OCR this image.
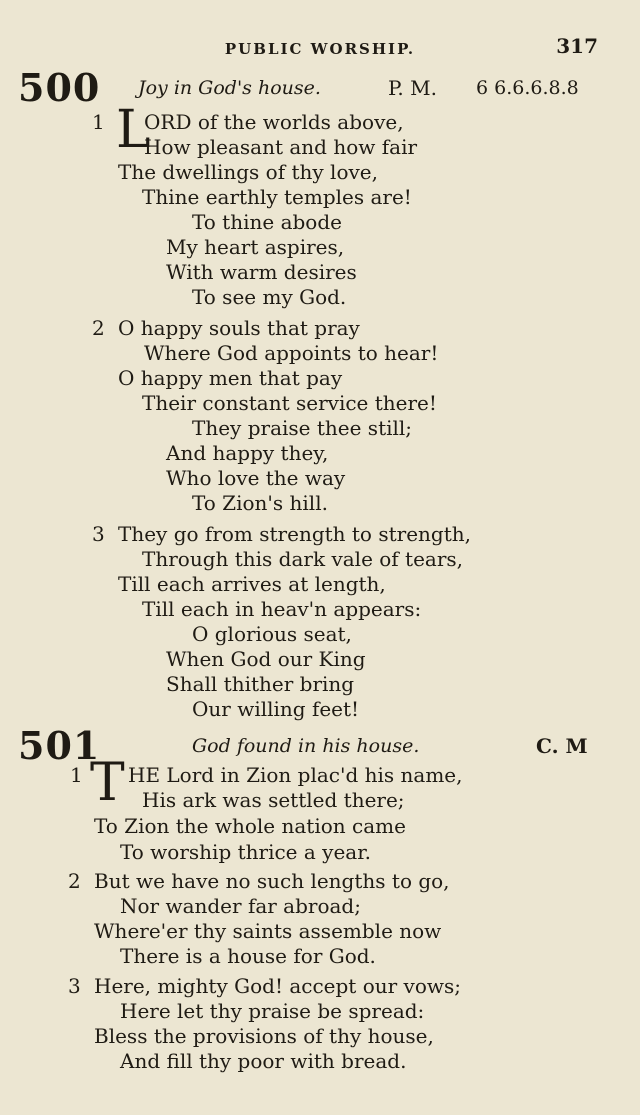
PUBLIC WORSHIP.	317
500 Joy in God's house.	P. M. 6 6.6.6.8.8
1 L
ORD of the worlds above,
How pleasant and how fair
The dwellings of thy love,
Thine earthly temples are!
To thine abode
My heart aspires,
With warm desires
To see my God.
2 O happy souls that pray
Where God appoints to hear!
O happy men that pay
Their constant service there!
They praise thee still;
And happy they,
Who love the way
To Zion's hill.
3 They go from strength to strength,
Through this dark vale of tears,
Till each arrives at length,
Till each in heav'n appears:
O glorious seat,
When God our King
Shall thither bring
Our willing feet!
501	God found in his house.	C. M
1 T HE Lord in Zion plac'd his name,
His ark was settled there;
To Zion the whole nation came
To worship thrice a year.
2 But we have no such lengths to go,
Nor wander far abroad;
Where'er thy saints assemble now
There is a house for God.
3 Here, mighty God! accept our vows;
Here let thy praise be spread:
Bless the provisions of thy house,
And fill thy poor with bread.
